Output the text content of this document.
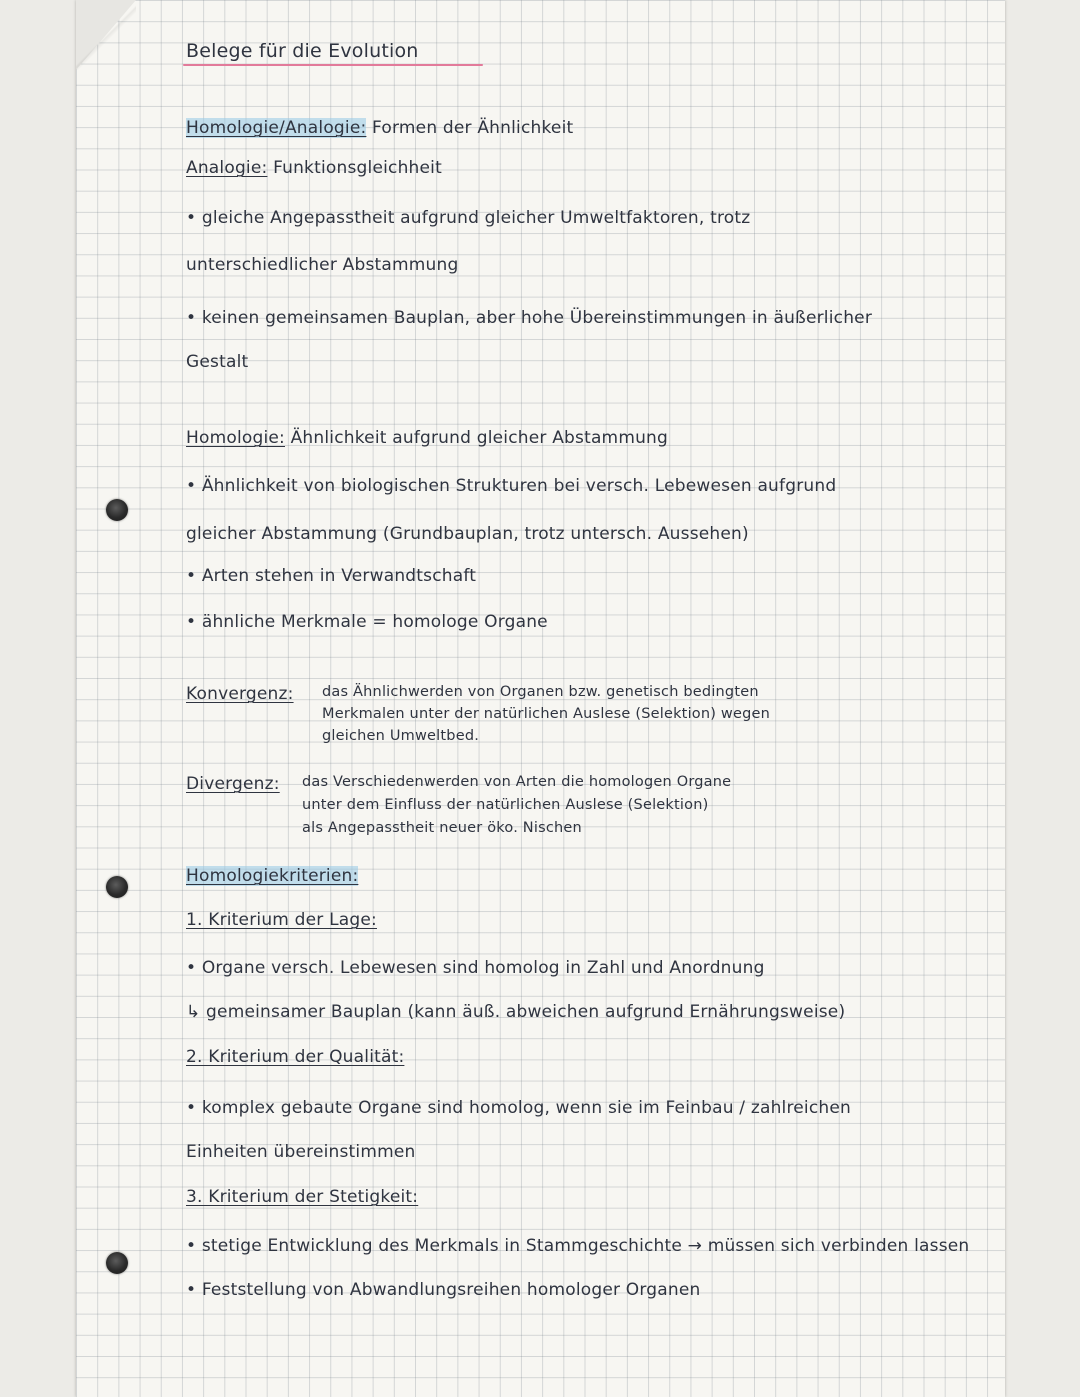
Belege für die Evolution
Homologie/Analogie: Formen der Ähnlichkeit
Analogie: Funktionsgleichheit
• gleiche Angepasstheit aufgrund gleicher Umweltfaktoren, trotz
unterschiedlicher Abstammung
• keinen gemeinsamen Bauplan, aber hohe Übereinstimmungen in äußerlicher
Gestalt
Homologie: Ähnlichkeit aufgrund gleicher Abstammung
• Ähnlichkeit von biologischen Strukturen bei versch. Lebewesen aufgrund
gleicher Abstammung (Grundbauplan, trotz untersch. Aussehen)
• Arten stehen in Verwandtschaft
• ähnliche Merkmale = homologe Organe
Konvergenz: das Ähnlichwerden von Organen bzw. genetisch bedingten
Merkmalen unter der natürlichen Auslese (Selektion) wegen
gleichen Umweltbed.
Divergenz: das Verschiedenwerden von Arten die homologen Organe
unter dem Einfluss der natürlichen Auslese (Selektion)
als Angepasstheit neuer öko. Nischen
Homologiekriterien:
1. Kriterium der Lage:
• Organe versch. Lebewesen sind homolog in Zahl und Anordnung
↳ gemeinsamer Bauplan (kann äuß. abweichen aufgrund Ernährungsweise)
2. Kriterium der Qualität:
• komplex gebaute Organe sind homolog, wenn sie im Feinbau / zahlreichen
Einheiten übereinstimmen
3. Kriterium der Stetigkeit:
• stetige Entwicklung des Merkmals in Stammgeschichte → müssen sich verbinden lassen
• Feststellung von Abwandlungsreihen homologer Organen
